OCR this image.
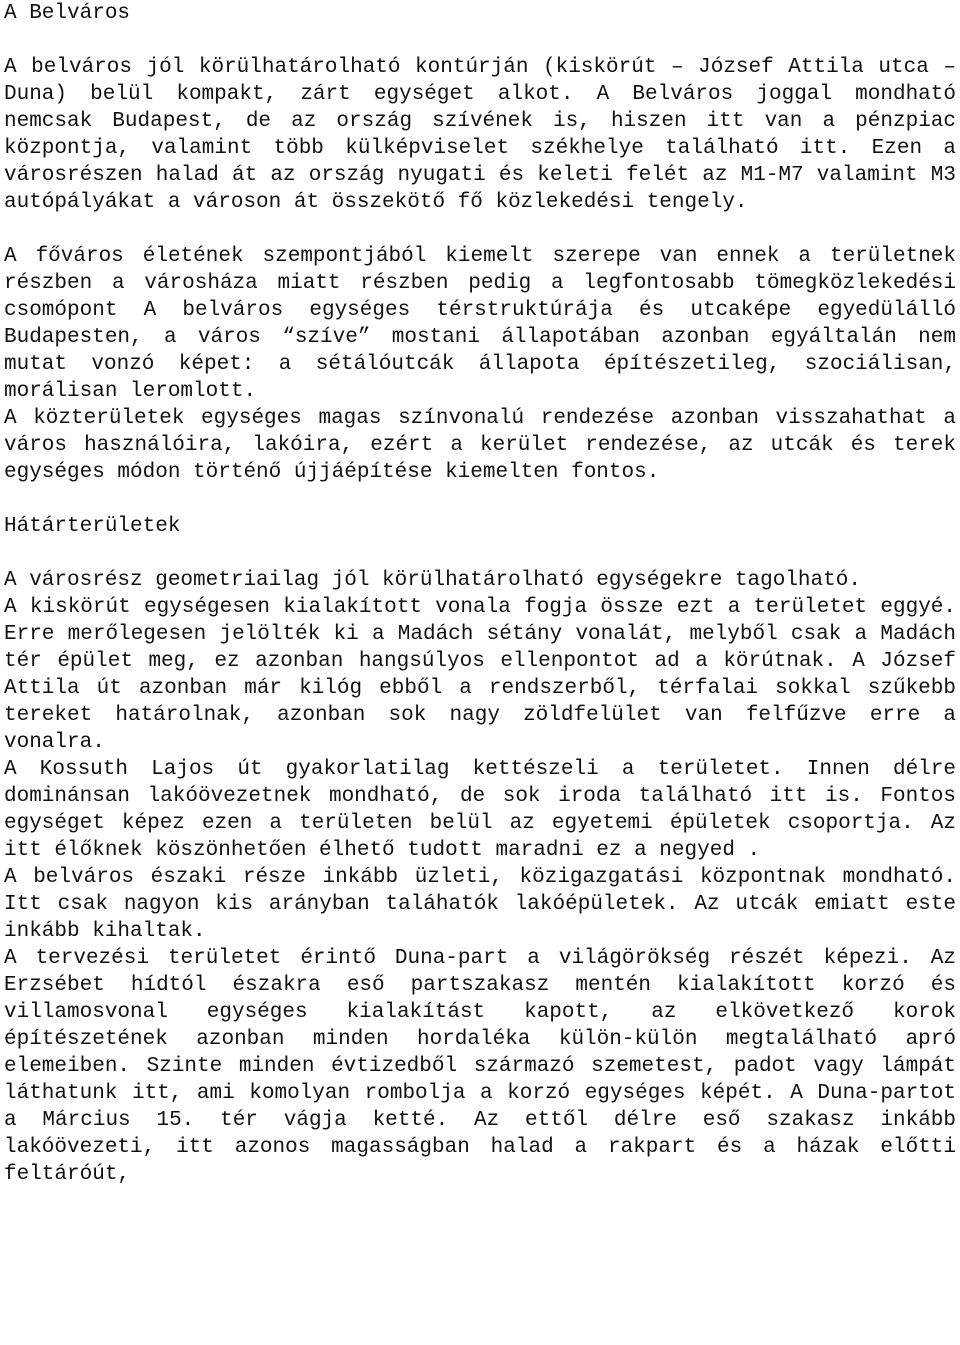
A Belváros

A belváros jól körülhatárolható kontúrján (kiskörút – József Attila utca – Duna) belül kompakt, zárt egységet alkot. A Belváros joggal mondható nemcsak Budapest, de az ország szívének is, hiszen itt van a pénzpiac központja, valamint több külképviselet székhelye található itt. Ezen a városrészen halad át az ország nyugati és keleti felét az M1-M7 valamint M3 autópályákat a városon át összekötő fő közlekedési tengely.

A főváros életének szempontjából kiemelt szerepe van ennek a területnek részben a városháza miatt részben pedig a legfontosabb tömegközlekedési csomópont A belváros egységes térstruktúrája és utcaképe egyedülálló Budapesten, a város “szíve” mostani állapotában azonban egyáltalán nem mutat vonzó képet: a sétálóutcák állapota építészetileg, szociálisan, morálisan leromlott.

A közterületek egységes magas színvonalú rendezése azonban visszahathat a város használóira, lakóira, ezért a kerület rendezése, az utcák és terek egységes módon történő újjáépítése kiemelten fontos.

Hátárterületek

A városrész geometriailag jól körülhatárolható egységekre tagolható.

A kiskörút egységesen kialakított vonala fogja össze ezt a területet eggyé. Erre merőlegesen jelölték ki a Madách sétány vonalát, melyből csak a Madách tér épület meg, ez azonban hangsúlyos ellenpontot ad a körútnak. A József Attila út azonban már kilóg ebből a rendszerből, térfalai sokkal szűkebb tereket határolnak, azonban sok nagy zöldfelület van felfűzve erre a vonalra.

A Kossuth Lajos út gyakorlatilag kettészeli a területet. Innen délre dominánsan lakóövezetnek mondható, de sok iroda található itt is. Fontos egységet képez ezen a területen belül az egyetemi épületek csoportja. Az itt élőknek köszönhetően élhető tudott maradni ez a negyed .

A belváros északi része inkább üzleti, közigazgatási központnak mondható. Itt csak nagyon kis arányban taláhatók lakóépületek. Az utcák emiatt este inkább kihaltak.

A tervezési területet érintő Duna-part a világörökség részét képezi. Az Erzsébet hídtól északra eső partszakasz mentén kialakított korzó és villamosvonal egységes kialakítást kapott, az elkövetkező korok építészetének azonban minden hordaléka külön-külön megtalálható apró elemeiben. Szinte minden évtizedből származó szemetest, padot vagy lámpát láthatunk itt, ami komolyan rombolja a korzó egységes képét. A Duna-partot a Március 15. tér vágja ketté. Az ettől délre eső szakasz inkább lakóövezeti, itt azonos magasságban halad a rakpart és a házak előtti feltáróút,
